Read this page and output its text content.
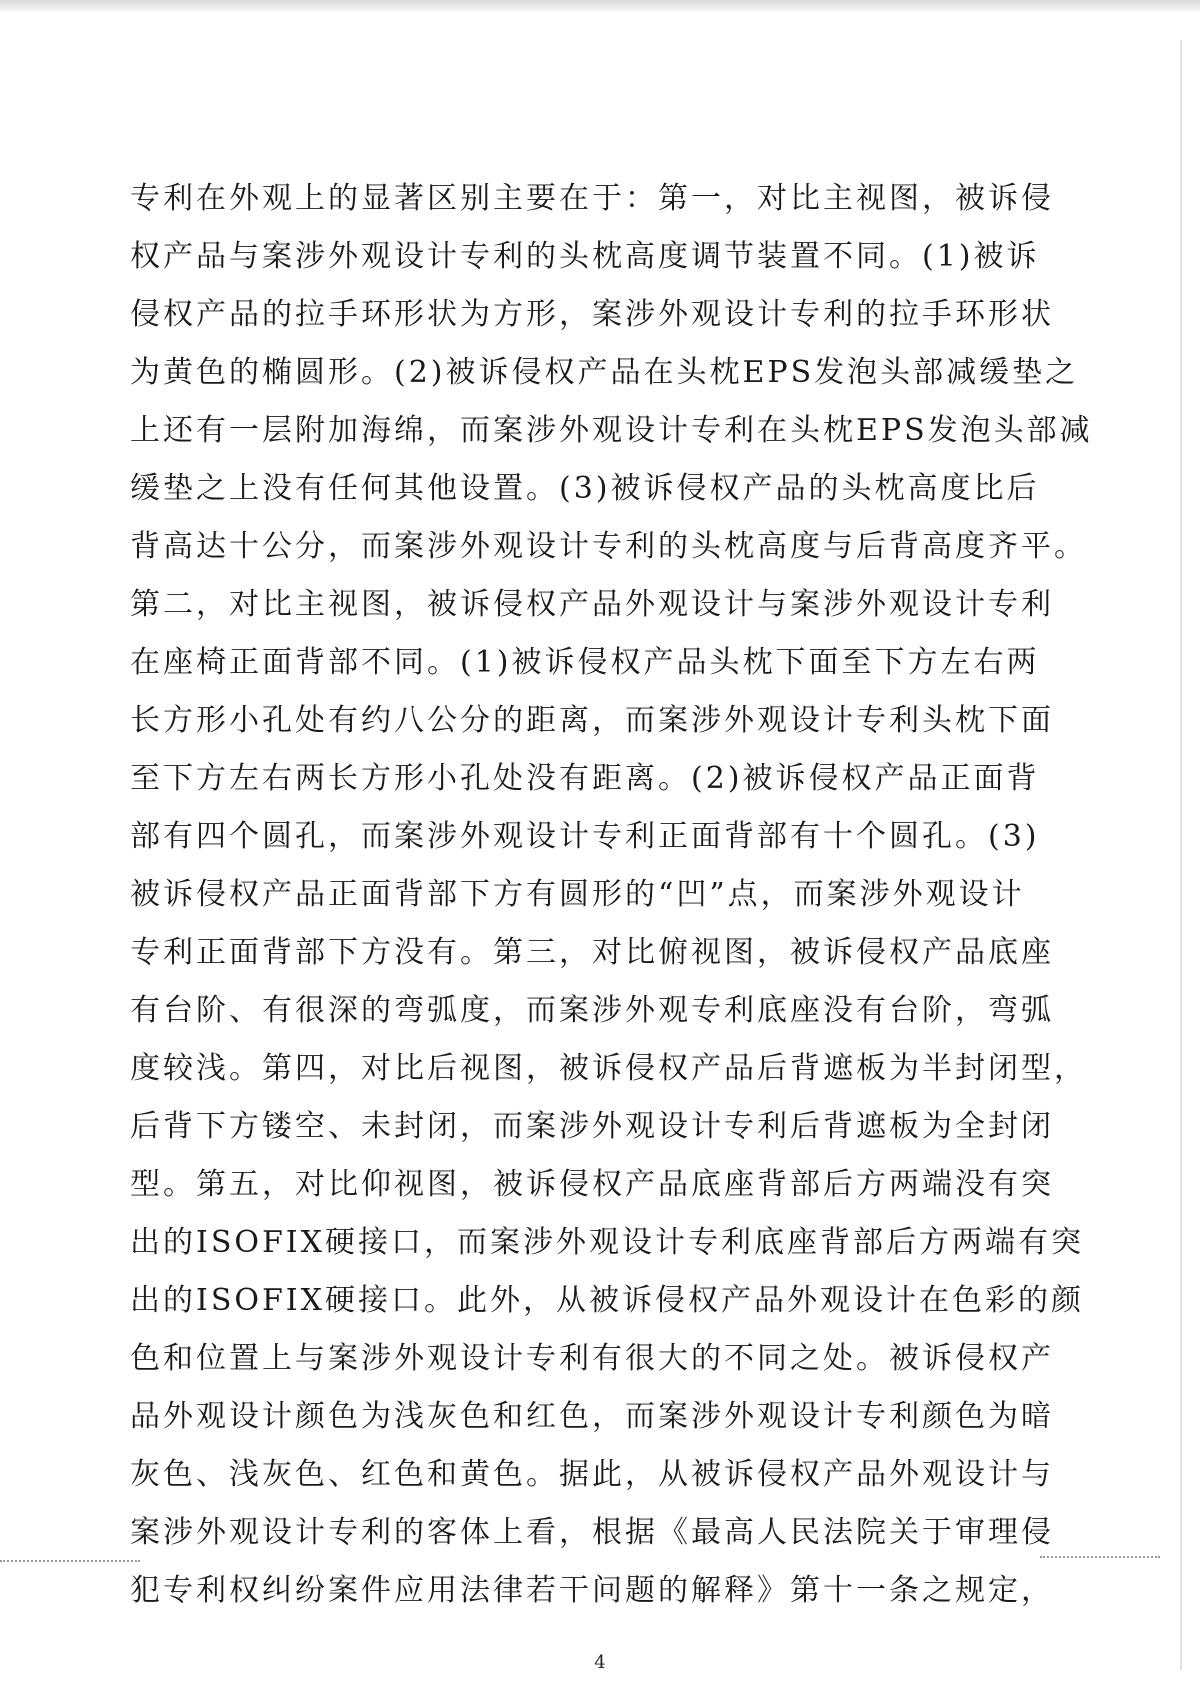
专利在外观上的显著区别主要在于：第一，对比主视图，被诉侵
权产品与案涉外观设计专利的头枕高度调节装置不同。(1)被诉
侵权产品的拉手环形状为方形，案涉外观设计专利的拉手环形状
为黄色的椭圆形。(2)被诉侵权产品在头枕EPS发泡头部减缓垫之
上还有一层附加海绵，而案涉外观设计专利在头枕EPS发泡头部减
缓垫之上没有任何其他设置。(3)被诉侵权产品的头枕高度比后
背高达十公分，而案涉外观设计专利的头枕高度与后背高度齐平。
第二，对比主视图，被诉侵权产品外观设计与案涉外观设计专利
在座椅正面背部不同。(1)被诉侵权产品头枕下面至下方左右两
长方形小孔处有约八公分的距离，而案涉外观设计专利头枕下面
至下方左右两长方形小孔处没有距离。(2)被诉侵权产品正面背
部有四个圆孔，而案涉外观设计专利正面背部有十个圆孔。(3)
被诉侵权产品正面背部下方有圆形的“凹”点，而案涉外观设计
专利正面背部下方没有。第三，对比俯视图，被诉侵权产品底座
有台阶、有很深的弯弧度，而案涉外观专利底座没有台阶，弯弧
度较浅。第四，对比后视图，被诉侵权产品后背遮板为半封闭型，
后背下方镂空、未封闭，而案涉外观设计专利后背遮板为全封闭
型。第五，对比仰视图，被诉侵权产品底座背部后方两端没有突
出的ISOFIX硬接口，而案涉外观设计专利底座背部后方两端有突
出的ISOFIX硬接口。此外，从被诉侵权产品外观设计在色彩的颜
色和位置上与案涉外观设计专利有很大的不同之处。被诉侵权产
品外观设计颜色为浅灰色和红色，而案涉外观设计专利颜色为暗
灰色、浅灰色、红色和黄色。据此，从被诉侵权产品外观设计与
案涉外观设计专利的客体上看，根据《最高人民法院关于审理侵
犯专利权纠纷案件应用法律若干问题的解释》第十一条之规定，
4
